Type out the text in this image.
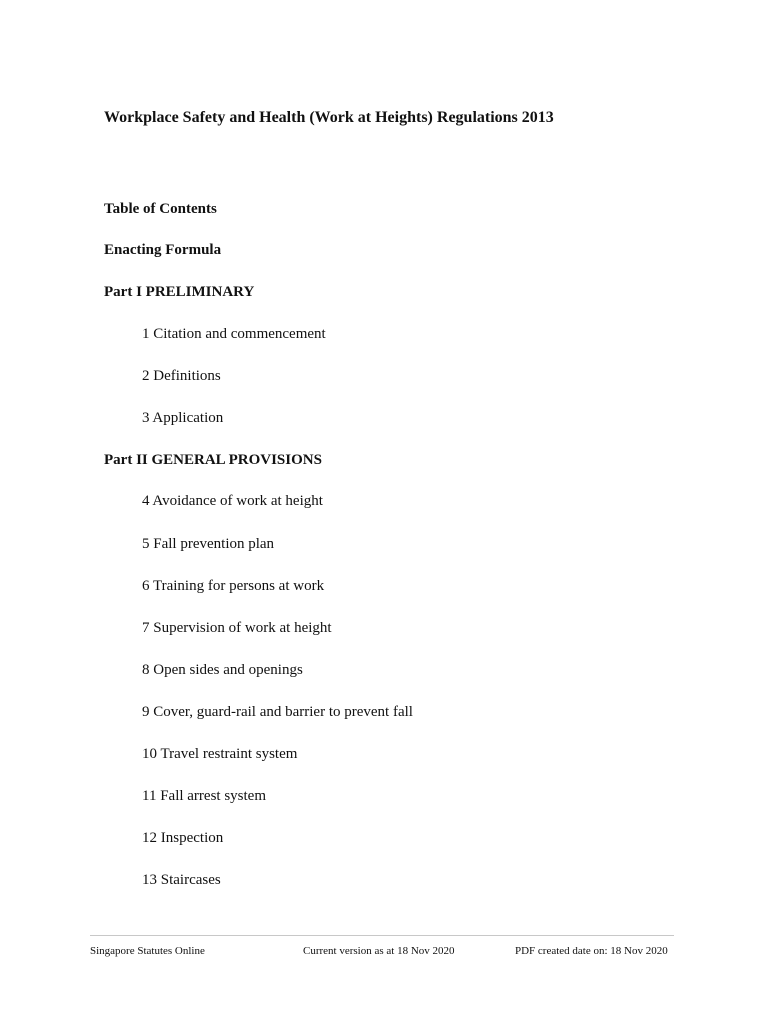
Workplace Safety and Health (Work at Heights) Regulations 2013
Table of Contents
Enacting Formula
Part I PRELIMINARY
1 Citation and commencement
2 Definitions
3 Application
Part II GENERAL PROVISIONS
4 Avoidance of work at height
5 Fall prevention plan
6 Training for persons at work
7 Supervision of work at height
8 Open sides and openings
9 Cover, guard-rail and barrier to prevent fall
10 Travel restraint system
11 Fall arrest system
12 Inspection
13 Staircases
Singapore Statutes Online	Current version as at 18 Nov 2020	PDF created date on: 18 Nov 2020
